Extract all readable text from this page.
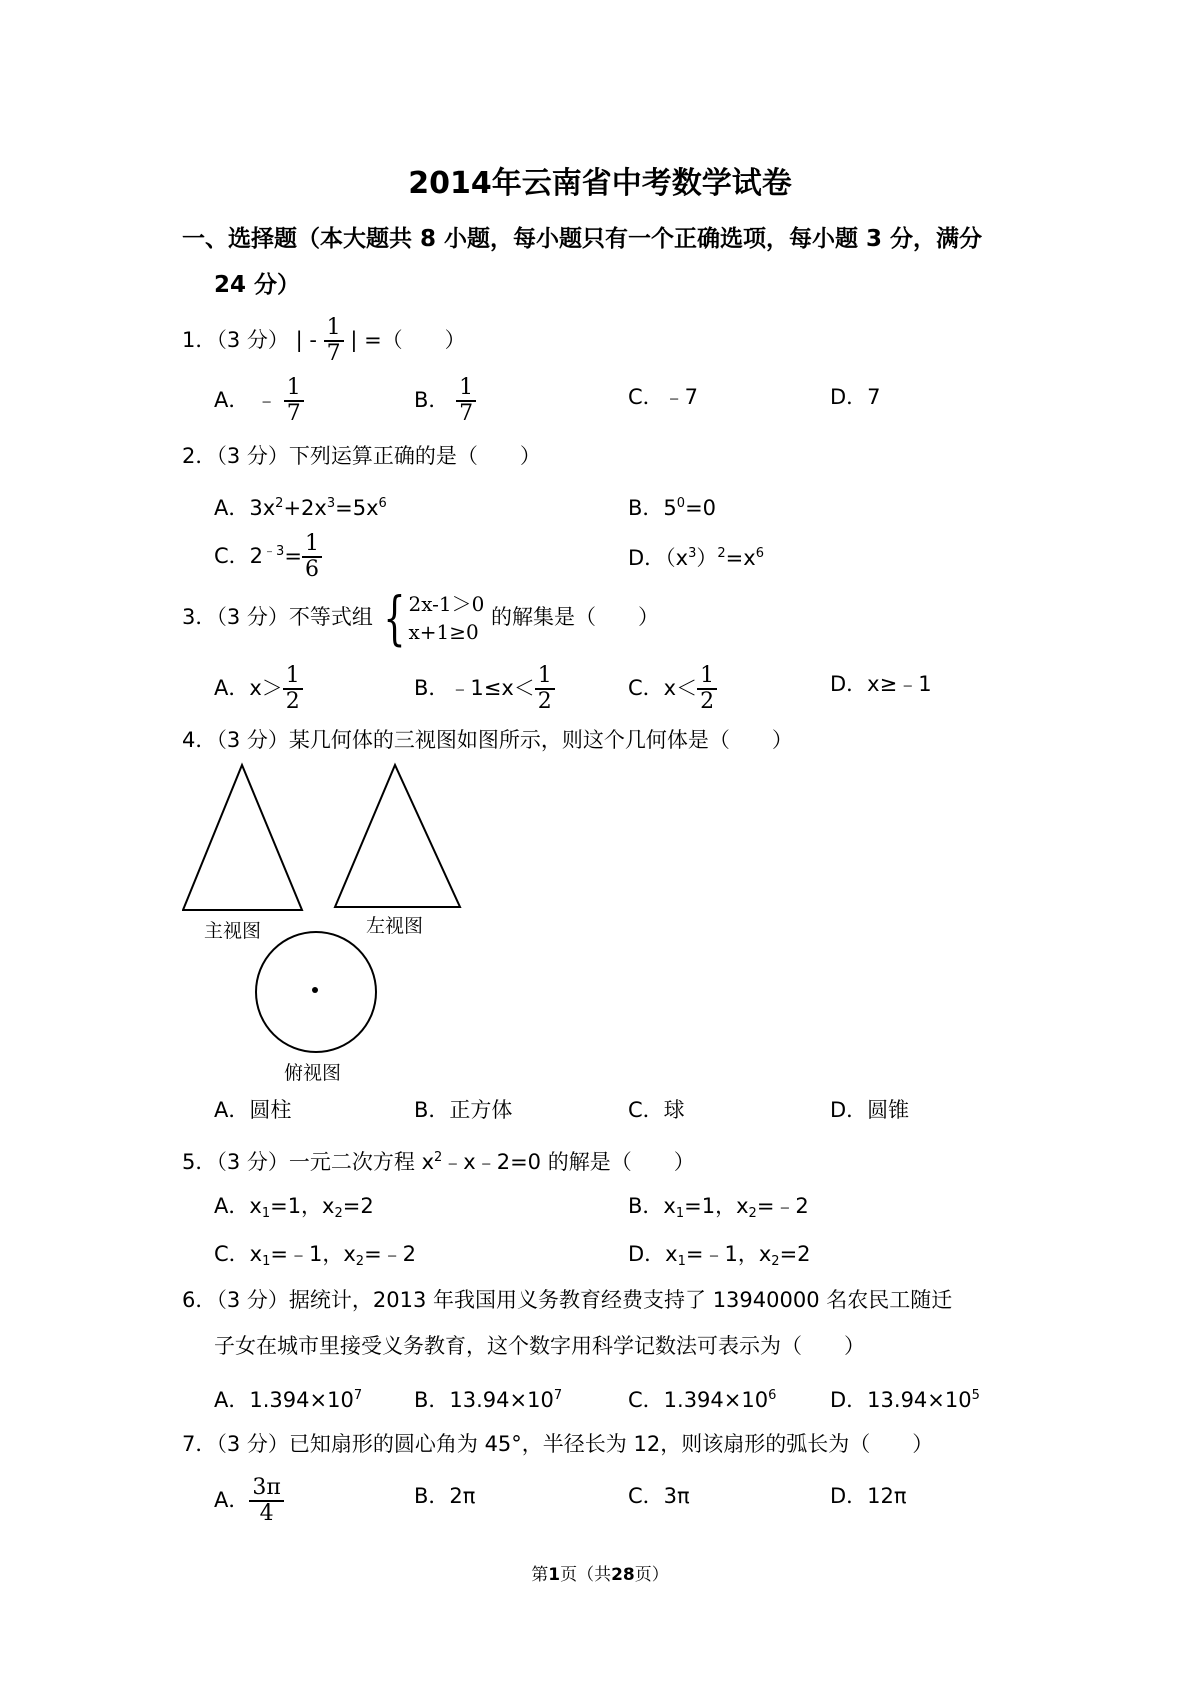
2014年云南省中考数学试卷
一、选择题（本大题共 8 小题，每小题只有一个正确选项，每小题 3 分，满分
24 分）
1．（3 分） | - $\frac{1}{7}$ | =（　　）
A． ﹣ $\frac{1}{7}$	B． $\frac{1}{7}$	C．﹣7	D．7
2．（3 分）下列运算正确的是（　　）
A．$3x^2+2x^3=5x^6$	B．$5^0=0$
C．$2^{﹣3}= \frac{1}{6}$	D．$(x^3)^2=x^6$
3．（3 分）不等式组 { 2x-1＞0
x+1≥0
的解集是（　　）
A．$x> \frac{1}{2}$	B．﹣1≤x＜ $\frac{1}{2}$	C．$x< \frac{1}{2}$	D．x≥﹣1
4．（3 分）某几何体的三视图如图所示，则这个几何体是（　　）
主视图	左视图
俯视图
A．圆柱	B．正方体	C．球	D．圆锥
5．（3 分）一元二次方程 $x^2﹣x﹣2=0$ 的解是（　　）
A．$x_1=1$，$x_2=2$	B．$x_1=1$，$x_2=﹣2$
C．$x_1=﹣1$，$x_2=﹣2$	D．$x_1=﹣1$，$x_2=2$
6．（3 分）据统计，2013 年我国用义务教育经费支持了 13940000 名农民工随迁
子女在城市里接受义务教育，这个数字用科学记数法可表示为（　　）
A．$1.394\times 10^7$ B．$13.94\times 10^7$	C．$1.394\times 10^6$	D．$13.94\times 10^5$
7．（3 分）已知扇形的圆心角为 45°，半径长为 12，则该扇形的弧长为（　　）
A． $\frac{3\pi}{4}$	B．2π	C．3π	D．12π
第1页（共28页）
